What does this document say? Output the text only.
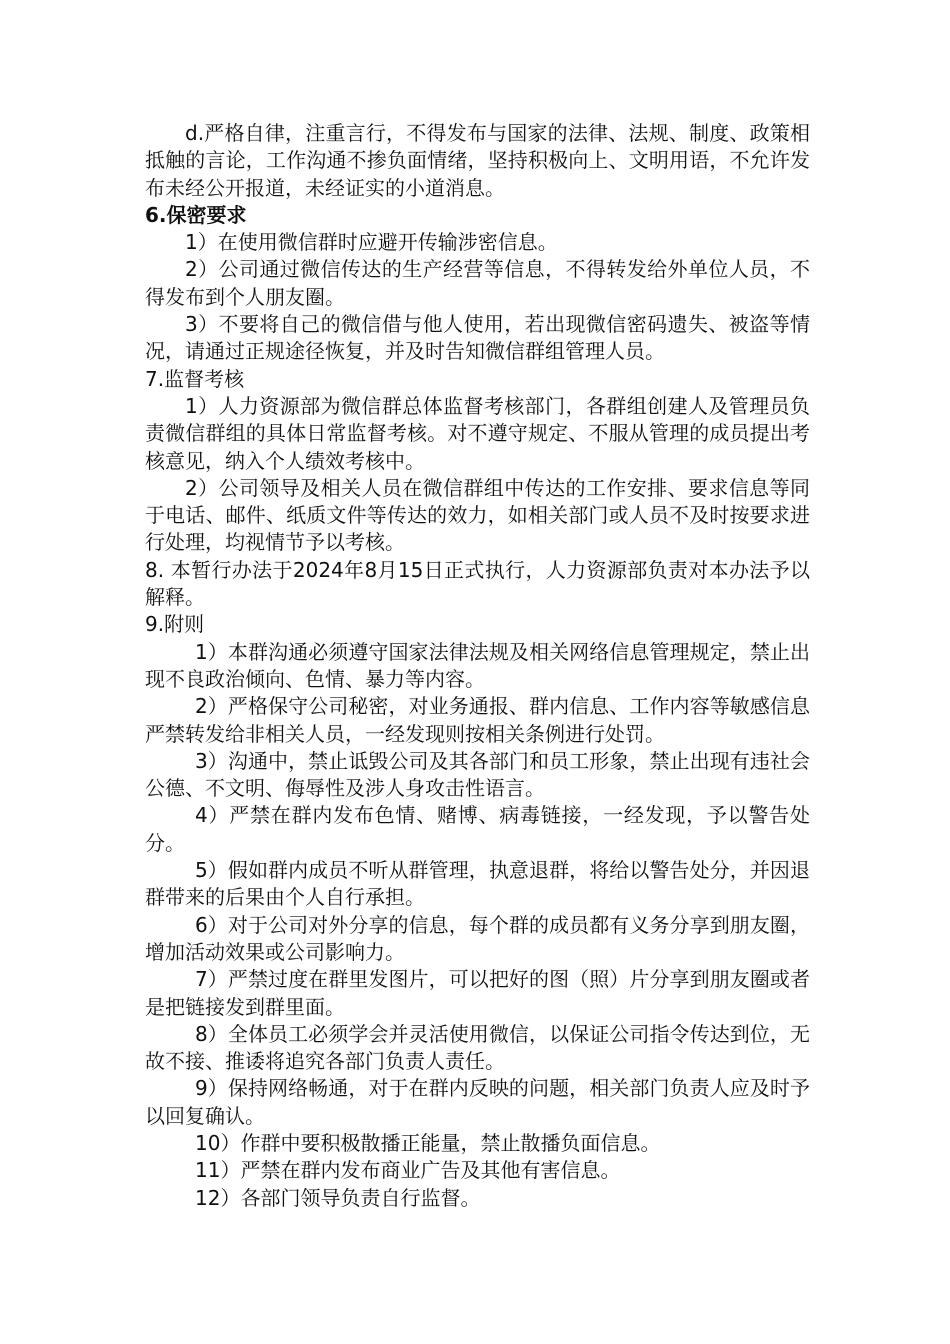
d.严格自律，注重言行，不得发布与国家的法律、法规、制度、政策相抵触的言论，工作沟通不掺负面情绪，坚持积极向上、文明用语，不允许发布未经公开报道，未经证实的小道消息。

6.保密要求

1）在使用微信群时应避开传输涉密信息。

2）公司通过微信传达的生产经营等信息，不得转发给外单位人员，不得发布到个人朋友圈。

3）不要将自己的微信借与他人使用，若出现微信密码遗失、被盗等情况，请通过正规途径恢复，并及时告知微信群组管理人员。

7.监督考核

1）人力资源部为微信群总体监督考核部门，各群组创建人及管理员负责微信群组的具体日常监督考核。对不遵守规定、不服从管理的成员提出考核意见，纳入个人绩效考核中。

2）公司领导及相关人员在微信群组中传达的工作安排、要求信息等同于电话、邮件、纸质文件等传达的效力，如相关部门或人员不及时按要求进行处理，均视情节予以考核。

8. 本暂行办法于2024年8月15日正式执行，人力资源部负责对本办法予以解释。

9.附则

1）本群沟通必须遵守国家法律法规及相关网络信息管理规定，禁止出现不良政治倾向、色情、暴力等内容。

2）严格保守公司秘密，对业务通报、群内信息、工作内容等敏感信息严禁转发给非相关人员，一经发现则按相关条例进行处罚。

3）沟通中，禁止诋毁公司及其各部门和员工形象，禁止出现有违社会公德、不文明、侮辱性及涉人身攻击性语言。

4）严禁在群内发布色情、赌博、病毒链接，一经发现，予以警告处分。

5）假如群内成员不听从群管理，执意退群，将给以警告处分，并因退群带来的后果由个人自行承担。

6）对于公司对外分享的信息，每个群的成员都有义务分享到朋友圈，增加活动效果或公司影响力。

7）严禁过度在群里发图片，可以把好的图（照）片分享到朋友圈或者是把链接发到群里面。

8）全体员工必须学会并灵活使用微信，以保证公司指令传达到位，无故不接、推诿将追究各部门负责人责任。

9）保持网络畅通，对于在群内反映的问题，相关部门负责人应及时予以回复确认。

10）作群中要积极散播正能量，禁止散播负面信息。

11）严禁在群内发布商业广告及其他有害信息。

12）各部门领导负责自行监督。
